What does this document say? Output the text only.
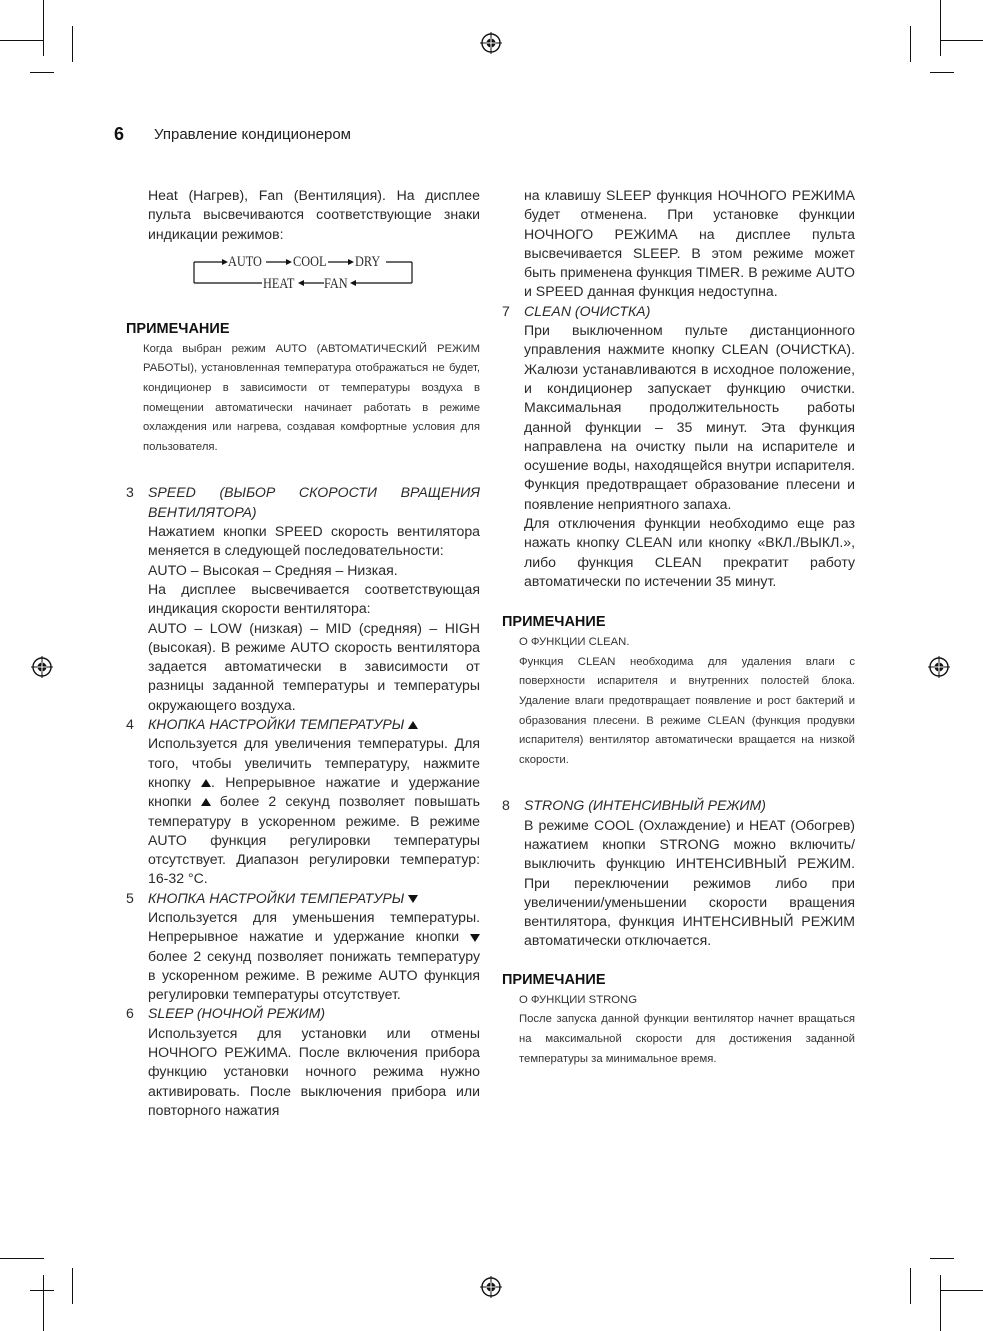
6 Управление кондиционером

Heat (Нагрев), Fan (Вентиляция). На дисплее пульта высвечиваются соответствующие знаки индикации режимов:

AUTO COOL DRY
HEAT FAN

ПРИМЕЧАНИЕ

Когда выбран режим AUTO (АВТОМАТИЧЕСКИЙ РЕЖИМ РАБОТЫ), установленная температура отображаться не будет, кондиционер в зависимости от температуры воздуха в помещении автоматически начинает работать в режиме охлаждения или нагрева, создавая комфортные условия для пользователя.

3	SPEED (ВЫБОР СКОРОСТИ ВРАЩЕНИЯ ВЕНТИЛЯТОРА)

Нажатием кнопки SPEED скорость вентилятора меняется в следующей последовательности:

AUTO – Высокая – Средняя – Низкая.

На дисплее высвечивается соответствующая индикация скорости вентилятора:

AUTO – LOW (низкая) – MID (средняя) – HIGH (высокая). В режиме AUTO скорость вентилятора задается автоматически в зависимости от разницы заданной температуры и температуры окружающего воздуха.

4	КНОПКА НАСТРОЙКИ ТЕМПЕРАТУРЫ

Используется для увеличения температуры. Для того, чтобы увеличить температуру, нажмите кнопку . Непрерывное нажатие и удержание кнопки более 2 секунд позволяет повышать температуру в ускоренном режиме. В режиме AUTO функция регулировки температуры отсутствует. Диапазон регулировки температур: 16-32 °С.

5	КНОПКА НАСТРОЙКИ ТЕМПЕРАТУРЫ

Используется для уменьшения температуры. Непрерывное нажатие и удержание кнопки  более 2 секунд позволяет понижать температуру в ускоренном режиме. В режиме AUTO функция регулировки температуры отсутствует.

6	SLEEP (НОЧНОЙ РЕЖИМ)

Используется для установки или отмены НОЧНОГО РЕЖИМА. После включения прибора функцию установки ночного режима нужно активировать. После выключения прибора или повторного нажатия

на клавишу SLEEP функция НОЧНОГО РЕЖИМА будет отменена. При установке функции НОЧНОГО РЕЖИМА на дисплее пульта высвечивается SLEEP. В этом режиме может быть применена функция TIMER. В режиме AUTO и SPEED данная функция недоступна.

7	CLEAN (ОЧИСТКА)

При выключенном пульте дистанционного управления нажмите кнопку CLEAN (ОЧИСТКА). Жалюзи устанавливаются в исходное положение, и кондиционер запускает функцию очистки. Максимальная продолжительность работы данной функции – 35 минут. Эта функция направлена на очистку пыли на испарителе и осушение воды, находящейся внутри испарителя. Функция предотвращает образование плесени и появление неприятного запаха.

Для отключения функции необходимо еще раз нажать кнопку CLEAN или кнопку «ВКЛ./ВЫКЛ.», либо функция CLEAN прекратит работу автоматически по истечении 35 минут.

ПРИМЕЧАНИЕ

О ФУНКЦИИ CLEAN.

Функция CLEAN необходима для удаления влаги с поверхности испарителя и внутренних полостей блока. Удаление влаги предотвращает появление и рост бактерий и образования плесени. В режиме CLEAN (функция продувки испарителя) вентилятор автоматически вращается на низкой скорости.

8	STRONG (ИНТЕНСИВНЫЙ РЕЖИМ)

В режиме COOL (Охлаждение) и HEAT (Обогрев) нажатием кнопки STRONG можно включить/выключить функцию ИНТЕНСИВНЫЙ РЕЖИМ. При переключении режимов либо при увеличении/уменьшении скорости вращения вентилятора, функция ИНТЕНСИВНЫЙ РЕЖИМ автоматически отключается.

ПРИМЕЧАНИЕ

О ФУНКЦИИ STRONG

После запуска данной функции вентилятор начнет вращаться на максимальной скорости для достижения заданной температуры за минимальное время.
